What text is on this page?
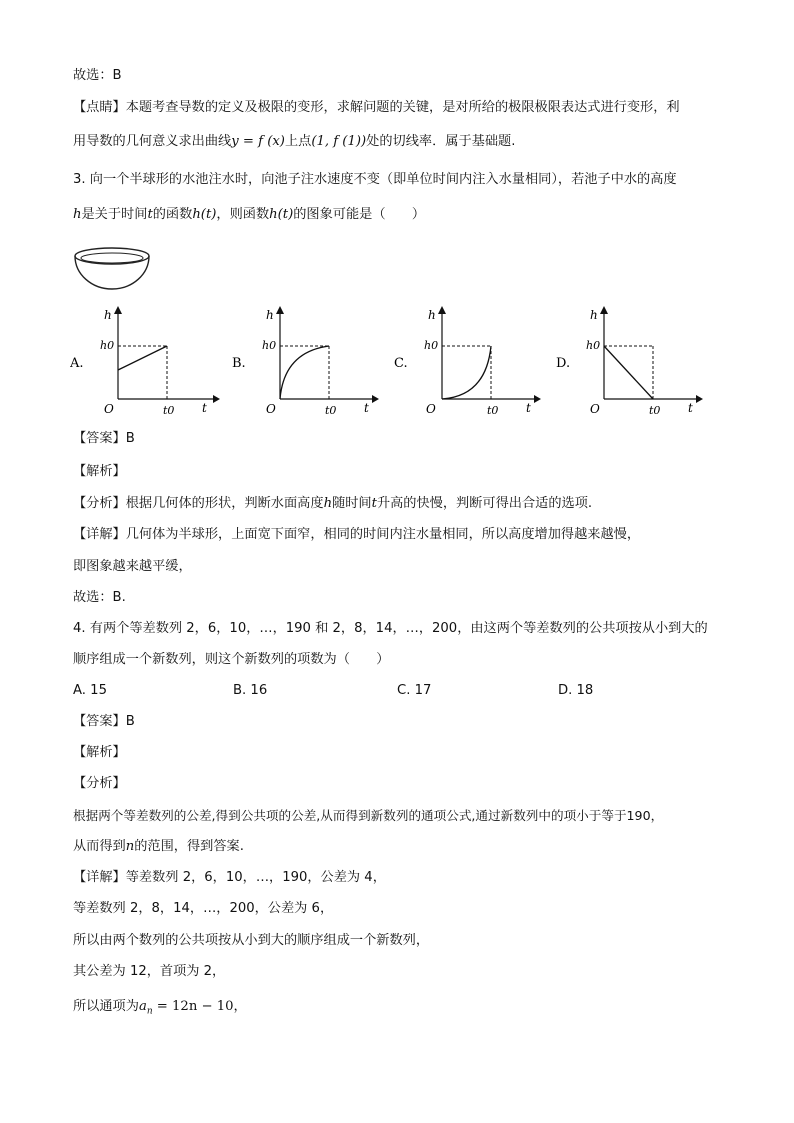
故选：B
【点睛】本题考查导数的定义及极限的变形，求解问题的关键，是对所给的极限极限表达式进行变形，利
用导数的几何意义求出曲线y = f (x)上点(1, f (1))处的切线率．属于基础题.
3. 向一个半球形的水池注水时，向池子注水速度不变（即单位时间内注入水量相同），若池子中水的高度
h是关于时间t的函数h(t)，则函数h(t)的图象可能是（　　）
A.
h
h0
t
t0
O
B.
h
h0
t
t0
O
C.
h
h0
t
t0
O
D.
h
h0
t
t0
O
【答案】B
【解析】
【分析】根据几何体的形状，判断水面高度h随时间t升高的快慢，判断可得出合适的选项.
【详解】几何体为半球形，上面宽下面窄，相同的时间内注水量相同，所以高度增加得越来越慢，
即图象越来越平缓，
故选：B.
4. 有两个等差数列 2，6，10，…，190 和 2，8，14，…，200，由这两个等差数列的公共项按从小到大的
顺序组成一个新数列，则这个新数列的项数为（　　）
A. 15	B. 16	C. 17	D. 18
【答案】B
【解析】
【分析】
根据两个等差数列的公差,得到公共项的公差,从而得到新数列的通项公式,通过新数列中的项小于等于190，
从而得到n的范围，得到答案.
【详解】等差数列 2，6，10，…，190，公差为 4，
等差数列 2，8，14，…，200，公差为 6，
所以由两个数列的公共项按从小到大的顺序组成一个新数列，
其公差为 12，首项为 2，
所以通项为$a_n = 12n - 10$，
